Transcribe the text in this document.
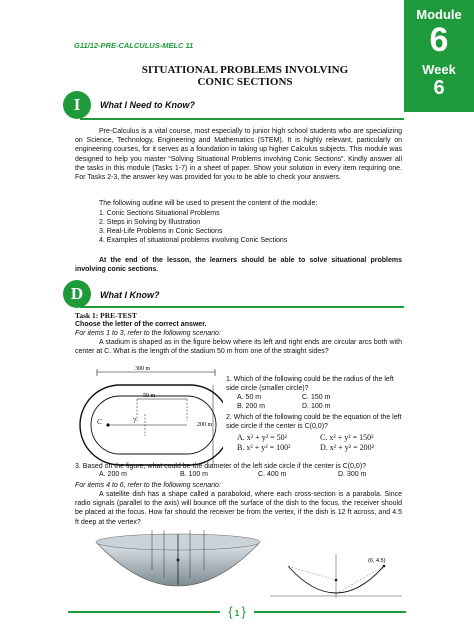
Module
6
Week
6
G11/12-PRE-CALCULUS-MELC 11
SITUATIONAL PROBLEMS INVOLVING
CONIC SECTIONS
I	What I Need to Know?
Pre-Calculus is a vital course, most especially to junior high school students who are specializing on Science, Technology, Engineering and Mathematics (STEM). It is highly relevant, particularly on engineering courses, for it serves as a foundation in taking up higher Calculus subjects. This module was designed to help you master “Solving Situational Problems involving Conic Sections”. Kindly answer all the tasks in this module (Tasks 1-7) in a sheet of paper. Show your solution in every item requiring one. For Tasks 2-3, the answer key was provided for you to be able to check your answers.
The following outline will be used to present the content of the module:
1. Conic Sections Situational Problems
2. Steps in Solving by Illustration
3. Real-Life Problems in Conic Sections
4. Examples of situational problems involving Conic Sections
At the end of the lesson, the learners should be able to solve situational problems involving conic sections.
D	What I Know?
Task 1: PRE-TEST
Choose the letter of the correct answer.
For items 1 to 3, refer to the following scenario:
A stadium is shaped as in the figure below where its left and right ends are circular arcs both with center at C. What is the length of the stadium 50 m from one of the straight sides?
300 m
50 m
200 m
C	?
1. Which of the following could be the radius of the left side circle (smaller circle)?
A. 50 m	C. 150 m
B. 200 m	D. 100 m
2. Which of the following could be the equation of the left side circle if the center is C(0,0)?
A. x² + y² = 50²	C. x² + y² = 150²
B. x² + y² = 100²	D. x² + y² = 200²
3. Based on the figure, what could be the diameter of the left side circle if the center is C(0,0)?
A. 200 m	B. 100 m	C. 400 m	D. 300 m
For items 4 to 6, refer to the following scenario:
A satellite dish has a shape called a paraboloid, where each cross-section is a parabola. Since radio signals (parallel to the axis) will bounce off the surface of the dish to the focus, the receiver should be placed at the focus. How far should the receiver be from the vertex, if the dish is 12 ft across, and 4.5 ft deep at the vertex?
(6, 4.5)
{ 1 }
